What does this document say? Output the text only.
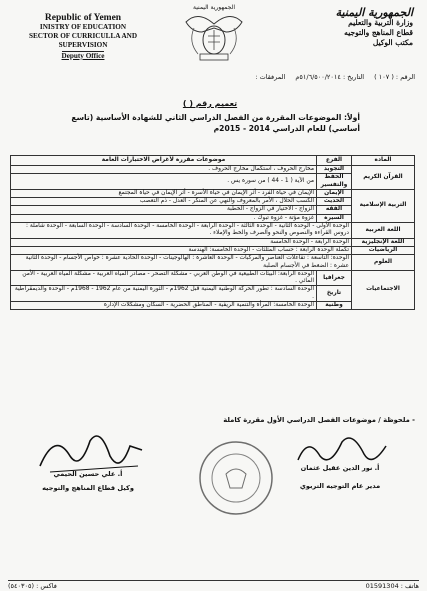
Republic of Yemen
INISTRY OF EDUCATION
SECTOR OF CURRICULLA AND
SUPERVISION
Deputy Office
الجمهورية اليمنية	الجمهورية اليمنية
وزارة التربية والتعليم
قطاع المناهج والتوجيه
مكتب الوكيل
الرقم : ( ١٠٧ ) التاريخ : ٥١/٦/٥٠٠/٢٠١٤م المرفقات :
تعميم رقم ( )
أولاً: الموضوعات المقررة من الفصل الدراسي الثاني للشهادة الأساسية (تاسع أساسي) للعام الدراسي 2014 - 2015م
المادة	الفرع	موضوعات مقررة لأغراض الاختبارات العامة
القرآن الكريم	التجويد	مخارج الحروف ، استكمال مخارج الحروف .
	الحفظ والتفسير	من الآية ( 1 - 44 ) من سورة يس .
التربية الإسلامية	الإيمان	الإيمان في حياة الفرد - أثر الإيمان في حياة الأسرة - أثر الإيمان في حياة المجتمع
	الحديث	الكسب الحلال ، الأمر بالمعروف والنهي عن المنكر - العدل - ذم التعصب
	الفقه	الزواج - الاختيار في الزواج - الخطبة
	السيرة	غزوة مؤتة - غزوة تبوك .
اللغة العربية	الوحدة الأولى - الوحدة الثانية - الوحدة الثالثة - الوحدة الرابعة - الوحدة الخامسة - الوحدة السادسة - الوحدة السابعة - الوحدة شاملة : دروس القراءة والنصوص والنحو والصرف والخط والإملاء .	
اللغة الإنجليزية	الوحدة الرابعة - الوحدة الخامسة	
الرياضيات	تكملة الوحدة الرابعة : حساب المثلثات - الوحدة الخامسة: الهندسة	
العلوم	الوحدة: التاسعة : تفاعلات العناصر والمركبات - الوحدة العاشرة : الهالوجينات - الوحدة الحادية عشرة : خواص الأجسام - الوحدة الثانية عشرة : الضغط في الأجسام الصلبة	
الاجتماعيات	جغرافيا	الوحدة الرابعة: البيئات الطبيعية في الوطن العربي - مشكلة التصحر - مصادر المياه العربية - مشكلة المياه العربية - الأمن المائي .
	تاريخ	الوحدة السادسة : تطور الحركة الوطنية اليمنية قبل 1962م - الثورة اليمنية من عام 1962 - 1968م - الوحدة والديمقراطية .
	وطنية	الوحدة الخامسة: المرأة والتنمية الريفية - المناطق الحضرية - السكان ومشكلات الإدارة
- ملحوظة / موضوعات الفصل الدراسي الأول مقررة كاملة
أ. علي حسين الحيمي
وكيل قطاع المناهج والتوجيه
أ. نور الدين عقيل عثمان
مدير عام التوجيه التربوي
هاتف : 01591304
فاكس : (٥٤٠٣٠٥)
